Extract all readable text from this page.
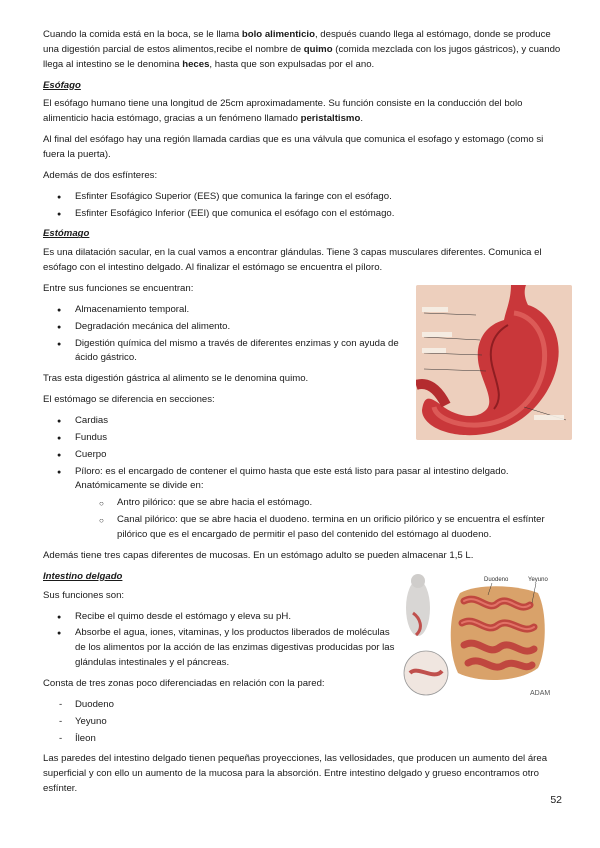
Cuando la comida está en la boca, se le llama bolo alimenticio, después cuando llega al estómago, donde se produce una digestión parcial de estos alimentos,recibe el nombre de quimo (comida mezclada con los jugos gástricos), y cuando llega al intestino se le denomina heces, hasta que son expulsadas por el ano.

Esófago

El esófago humano tiene una longitud de 25cm aproximadamente. Su función consiste en la conducción del bolo alimenticio hacia estómago, gracias a un fenómeno llamado peristaltismo.

Al final del esófago hay una región llamada cardias que es una válvula que comunica el esofago y estomago (como si fuera la puerta).

Además de dos esfínteres:

● Esfinter Esofágico Superior (EES) que comunica la faringe con el esófago.
● Esfinter Esofágico Inferior (EEI) que comunica el esófago con el estómago.
Estómago

Es una dilatación sacular, en la cual vamos a encontrar glándulas. Tiene 3 capas musculares diferentes. Comunica el esófago con el intestino delgado. Al finalizar el estómago se encuentra el píloro.

Entre sus funciones se encuentran:

● Almacenamiento temporal.
● Degradación mecánica del alimento.
● Digestión química del mismo a través de diferentes enzimas y con ayuda de ácido gástrico.

Tras esta digestión gástrica al alimento se le denomina quimo.

El estómago se diferencia en secciones:

● Cardias
● Fundus
● Cuerpo
● Píloro: es el encargado de contener el quimo hasta que este está listo para pasar al intestino delgado. Anatómicamente se divide en:
○ Antro pilórico: que se abre hacia el estómago.
○ Canal pilórico: que se abre hacia el duodeno. termina en un orificio pilórico y se encuentra el esfínter pilórico que es el encargado de permitir el paso del contenido del estómago al duodeno.

Además tiene tres capas diferentes de mucosas. En un estómago adulto se pueden almacenar 1,5 L.

Intestino delgado

Sus funciones son:

● Recibe el quimo desde el estómago y eleva su pH.
● Absorbe el agua, iones, vitaminas, y los productos liberados de moléculas de los alimentos por la acción de las enzimas digestivas producidas por las glándulas intestinales y el páncreas.

Consta de tres zonas poco diferenciadas en relación con la pared:

- Duodeno
- Yeyuno
- Íleon

Las paredes del intestino delgado tienen pequeñas proyecciones, las vellosidades, que producen un aumento del área superficial y con ello un aumento de la mucosa para la absorción. Entre intestino delgado y grueso encontramos otro esfínter.

Duodeno	Yeyuno
ADAM
52
